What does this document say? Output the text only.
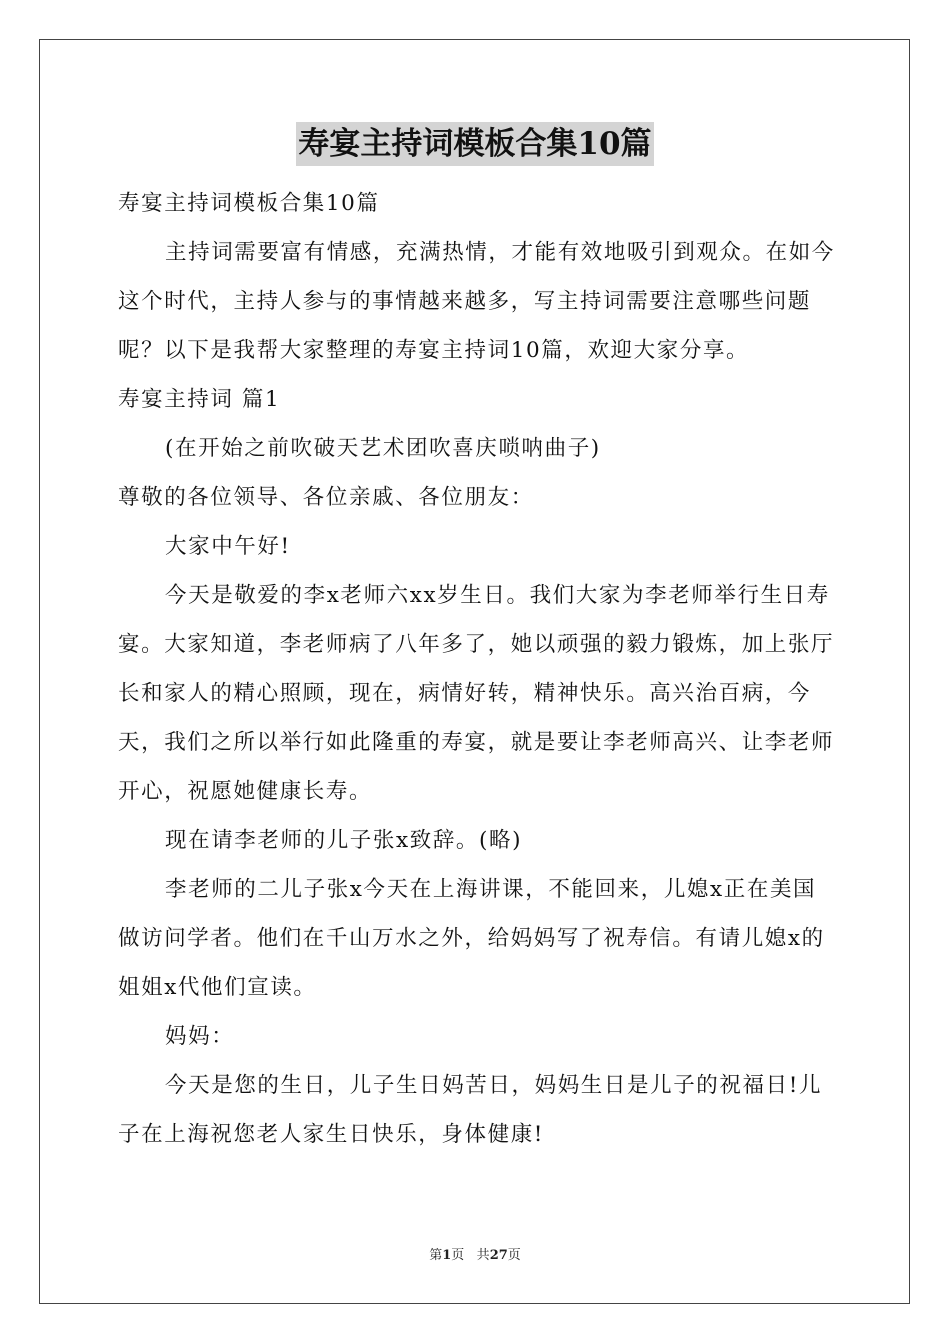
寿宴主持词模板合集10篇

寿宴主持词模板合集10篇

主持词需要富有情感，充满热情，才能有效地吸引到观众。在如今这个时代，主持人参与的事情越来越多，写主持词需要注意哪些问题呢？以下是我帮大家整理的寿宴主持词10篇，欢迎大家分享。

寿宴主持词 篇1

(在开始之前吹破天艺术团吹喜庆唢呐曲子)

尊敬的各位领导、各位亲戚、各位朋友：

大家中午好!

今天是敬爱的李x老师六xx岁生日。我们大家为李老师举行生日寿宴。大家知道，李老师病了八年多了，她以顽强的毅力锻炼，加上张厅长和家人的精心照顾，现在，病情好转，精神快乐。高兴治百病，今天，我们之所以举行如此隆重的寿宴，就是要让李老师高兴、让李老师开心，祝愿她健康长寿。

现在请李老师的儿子张x致辞。(略)

李老师的二儿子张x今天在上海讲课，不能回来，儿媳x正在美国做访问学者。他们在千山万水之外，给妈妈写了祝寿信。有请儿媳x的姐姐x代他们宣读。

妈妈：

今天是您的生日，儿子生日妈苦日，妈妈生日是儿子的祝福日!儿子在上海祝您老人家生日快乐，身体健康!

第1页 共27页
